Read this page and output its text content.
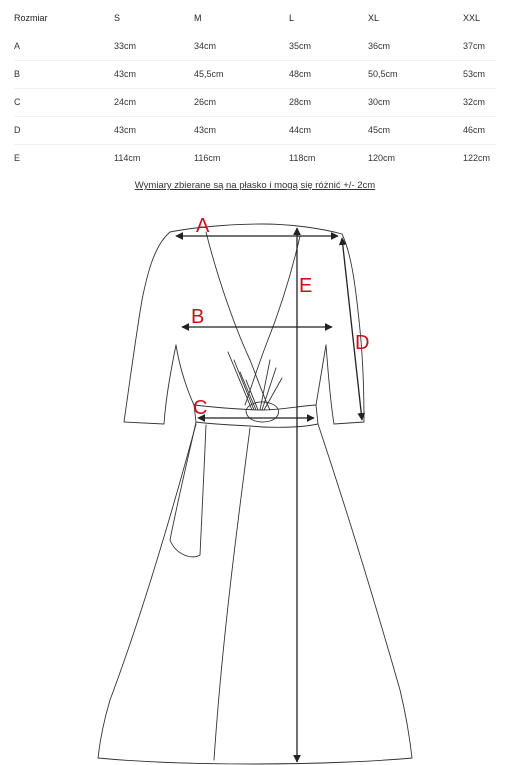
Rozmiar	S	M	L	XL	XXL
A	33cm	34cm	35cm	36cm	37cm
B	43cm	45,5cm	48cm	50,5cm	53cm
C	24cm	26cm	28cm	30cm	32cm
D	43cm	43cm	44cm	45cm	46cm
E	114cm	116cm	118cm	120cm	122cm
Wymiary zbierane są na płasko i mogą się różnić +/- 2cm
A
B
C
D
E
